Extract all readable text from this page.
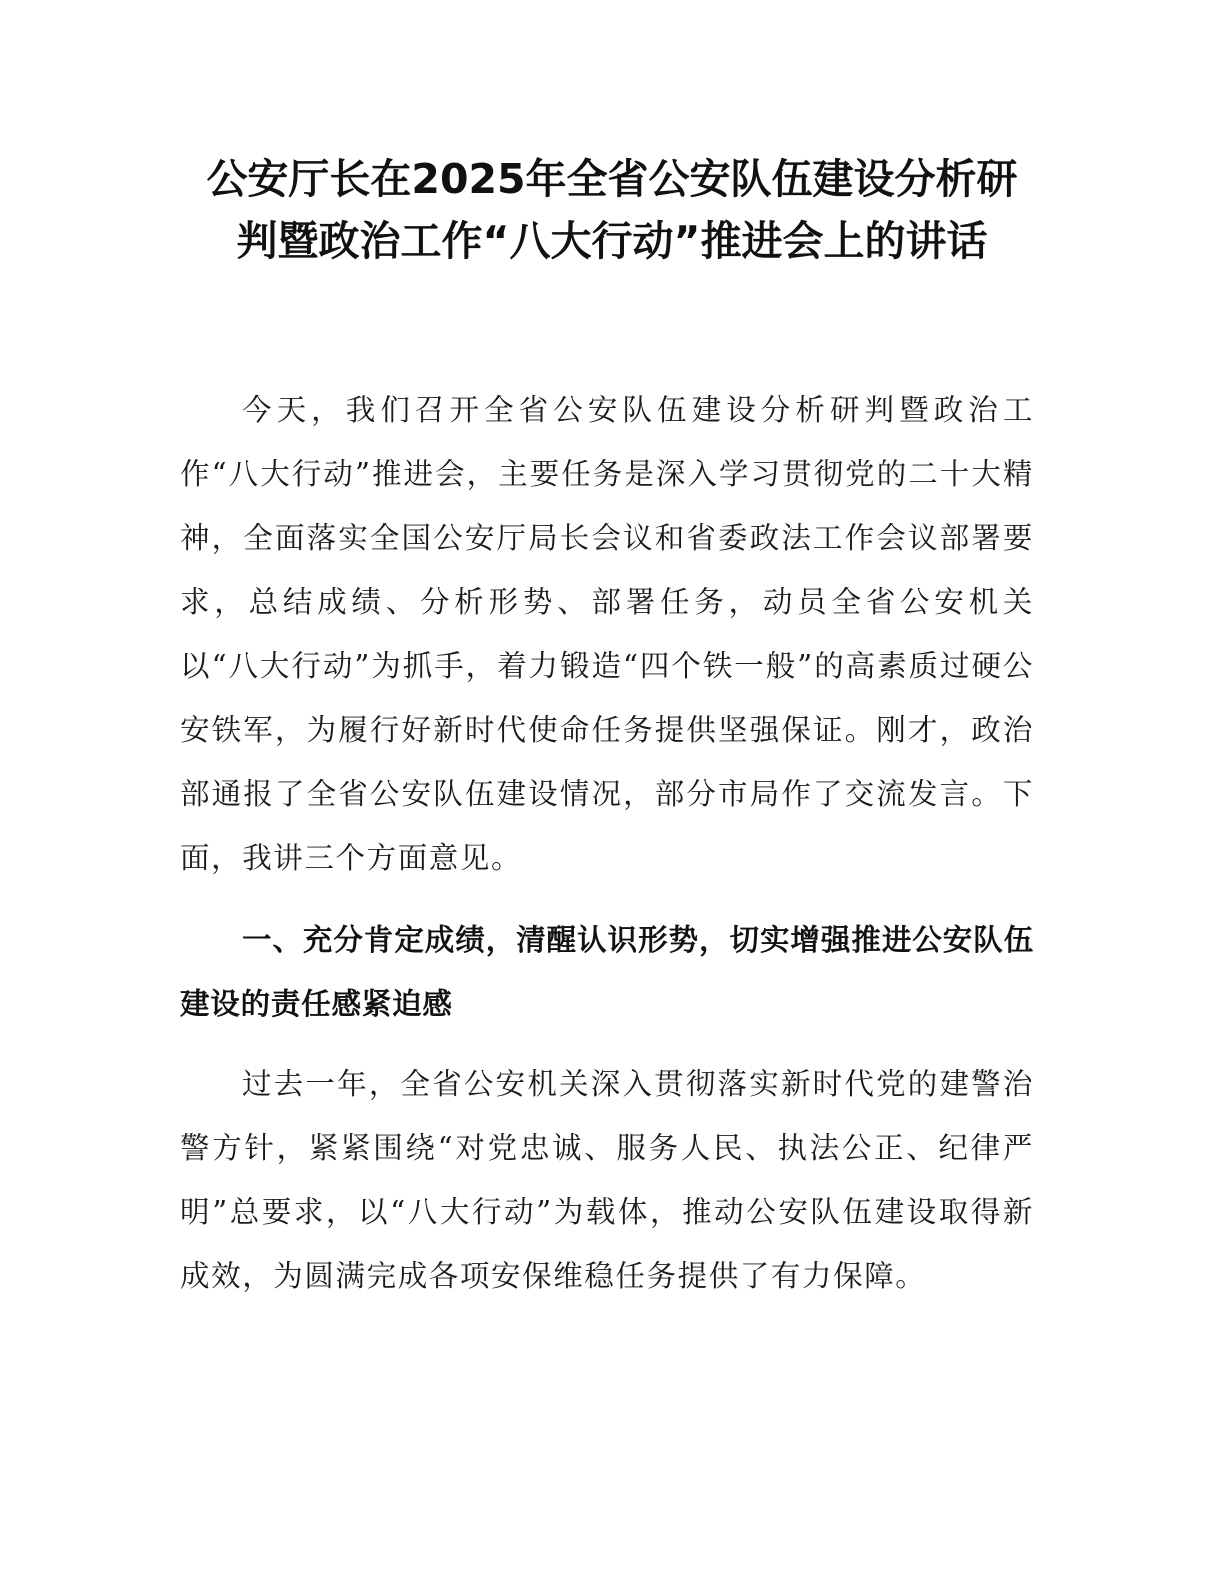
公安厅长在2025年全省公安队伍建设分析研
判暨政治工作“八大行动”推进会上的讲话

今天，我们召开全省公安队伍建设分析研判暨政治工作“八大行动”推进会，主要任务是深入学习贯彻党的二十大精神，全面落实全国公安厅局长会议和省委政法工作会议部署要求，总结成绩、分析形势、部署任务，动员全省公安机关以“八大行动”为抓手，着力锻造“四个铁一般”的高素质过硬公安铁军，为履行好新时代使命任务提供坚强保证。刚才，政治部通报了全省公安队伍建设情况，部分市局作了交流发言。下面，我讲三个方面意见。

一、充分肯定成绩，清醒认识形势，切实增强推进公安队伍建设的责任感紧迫感

过去一年，全省公安机关深入贯彻落实新时代党的建警治警方针，紧紧围绕“对党忠诚、服务人民、执法公正、纪律严明”总要求，以“八大行动”为载体，推动公安队伍建设取得新成效，为圆满完成各项安保维稳任务提供了有力保障。
